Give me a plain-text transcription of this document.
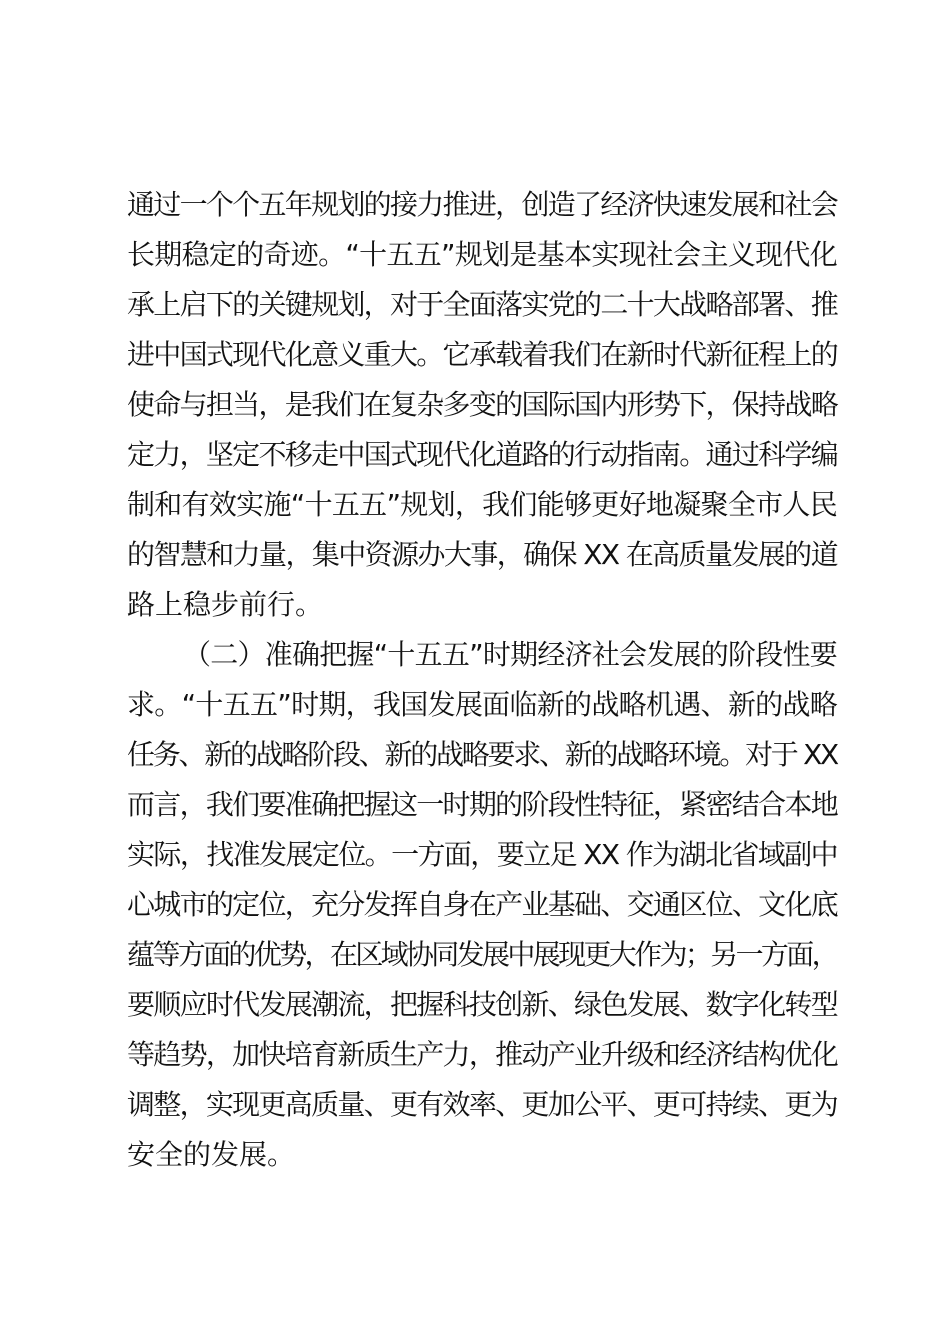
通过一个个五年规划的接力推进，创造了经济快速发展和社会
长期稳定的奇迹。“十五五”规划是基本实现社会主义现代化
承上启下的关键规划，对于全面落实党的二十大战略部署、推
进中国式现代化意义重大。它承载着我们在新时代新征程上的
使命与担当，是我们在复杂多变的国际国内形势下，保持战略
定力，坚定不移走中国式现代化道路的行动指南。通过科学编
制和有效实施“十五五”规划，我们能够更好地凝聚全市人民
的智慧和力量，集中资源办大事，确保 XX 在高质量发展的道
路上稳步前行。
（二）准确把握“十五五”时期经济社会发展的阶段性要
求。“十五五”时期，我国发展面临新的战略机遇、新的战略
任务、新的战略阶段、新的战略要求、新的战略环境。对于 XX
而言，我们要准确把握这一时期的阶段性特征，紧密结合本地
实际，找准发展定位。一方面，要立足 XX 作为湖北省域副中
心城市的定位，充分发挥自身在产业基础、交通区位、文化底
蕴等方面的优势，在区域协同发展中展现更大作为；另一方面，
要顺应时代发展潮流，把握科技创新、绿色发展、数字化转型
等趋势，加快培育新质生产力，推动产业升级和经济结构优化
调整，实现更高质量、更有效率、更加公平、更可持续、更为
安全的发展。
